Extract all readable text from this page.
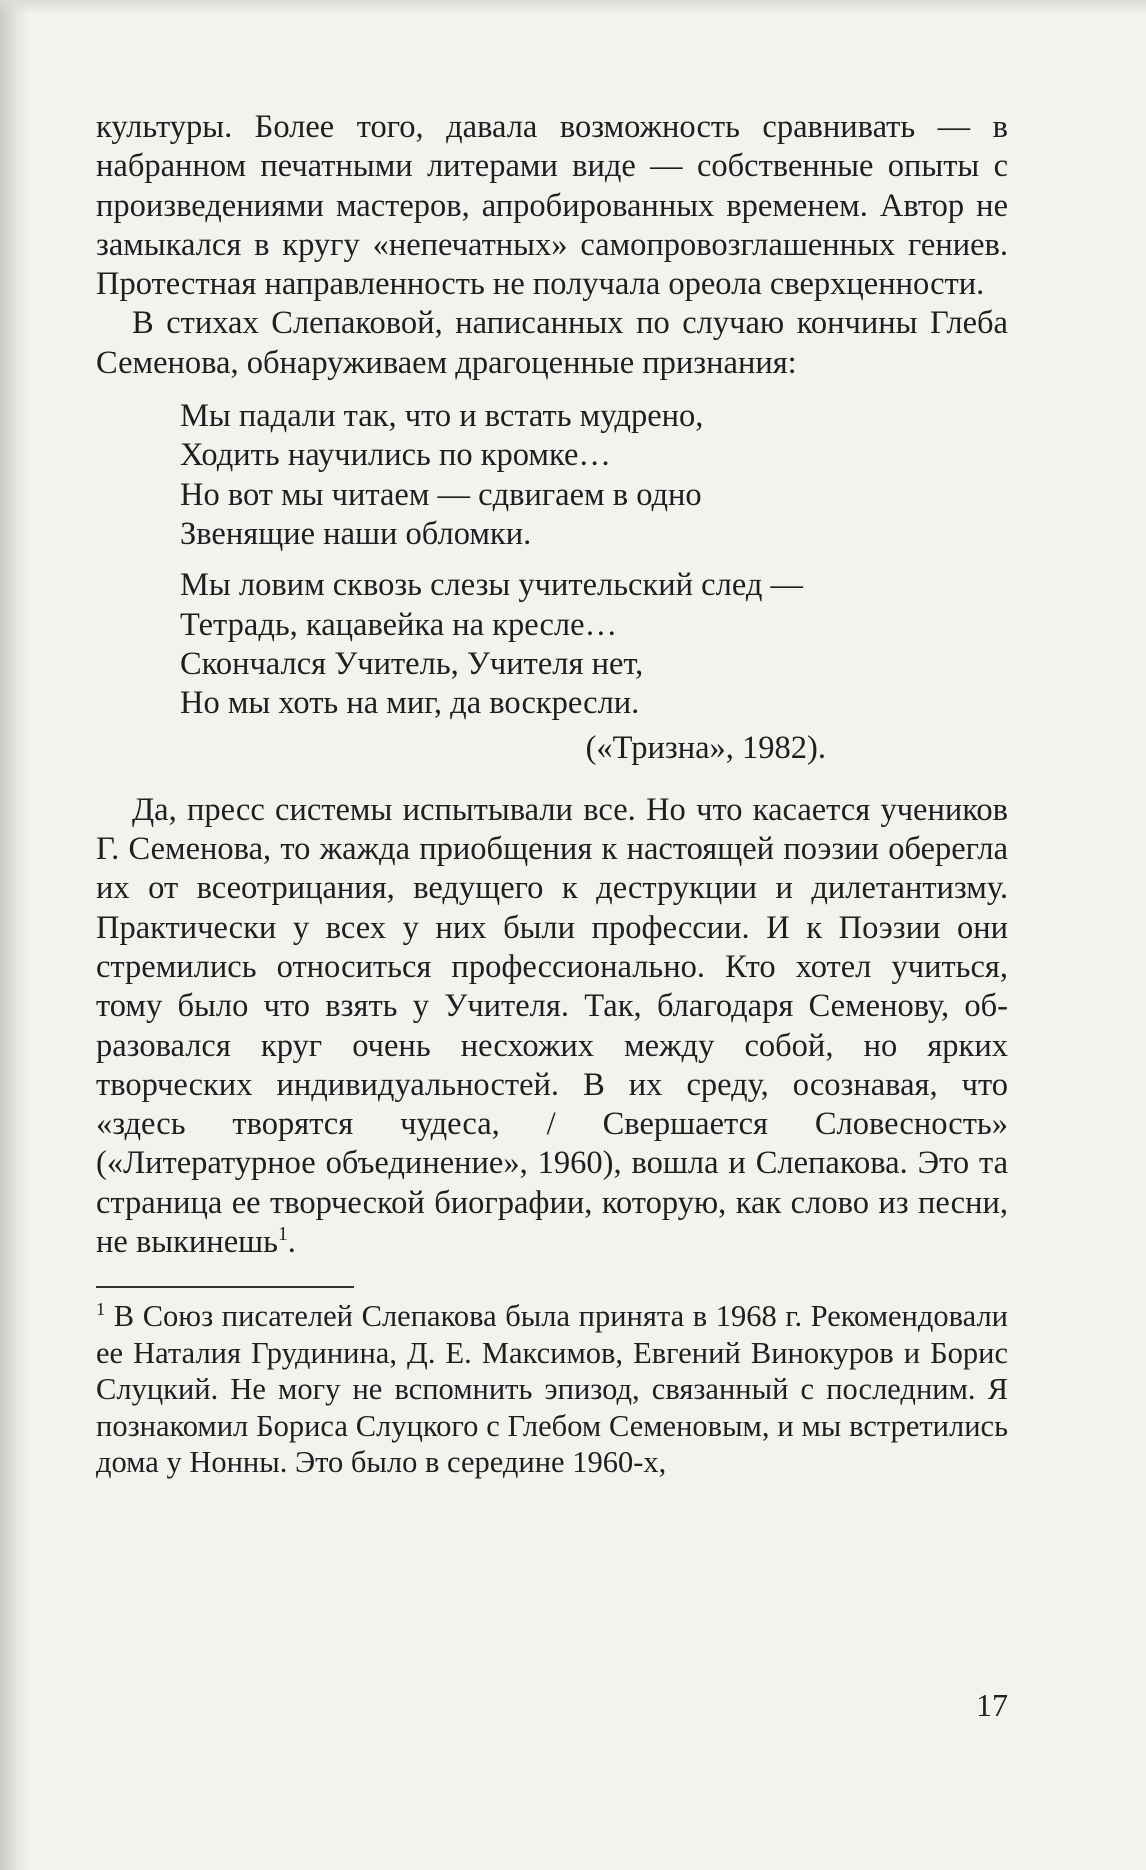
культуры. Более того, давала возможность сравнивать — в набранном печатными литерами виде — собственные опыты с произведениями мастеров, апробированных временем. Автор не замыкался в кругу «непечатных» самопровозглашенных гениев. Протестная направленность не получала ореола сверхценности.

В стихах Слепаковой, написанных по случаю кончины Глеба Семенова, обнаруживаем драгоценные признания:

Мы падали так, что и встать мудрено,
Ходить научились по кромке…
Но вот мы читаем — сдвигаем в одно
Звенящие наши обломки.
Мы ловим сквозь слезы учительский след —
Тетрадь, кацавейка на кресле…
Скончался Учитель, Учителя нет,
Но мы хоть на миг, да воскресли.
(«Тризна», 1982).

Да, пресс системы испытывали все. Но что касается учеников Г. Семенова, то жажда приобщения к настоящей поэзии оберегла их от всеотрицания, ведущего к деструкции и дилетантизму. Практически у всех у них были профессии. И к Поэзии они стремились относиться профессионально. Кто хотел учиться, тому было что взять у Учителя. Так, благодаря Семенову, образовался круг очень несхожих между собой, но ярких творческих индивидуальностей. В их среду, осознавая, что «здесь творятся чудеса, / Свершается Словесность» («Литературное объединение», 1960), вошла и Слепакова. Это та страница ее творческой биографии, которую, как слово из песни, не выкинешь$^1$.

$^1$ В Союз писателей Слепакова была принята в 1968 г. Рекомендовали ее Наталия Грудинина, Д. Е. Максимов, Евгений Винокуров и Борис Слуцкий. Не могу не вспомнить эпизод, связанный с последним. Я познакомил Бориса Слуцкого с Глебом Семеновым, и мы встретились дома у Нонны. Это было в середине 1960-х,

17
